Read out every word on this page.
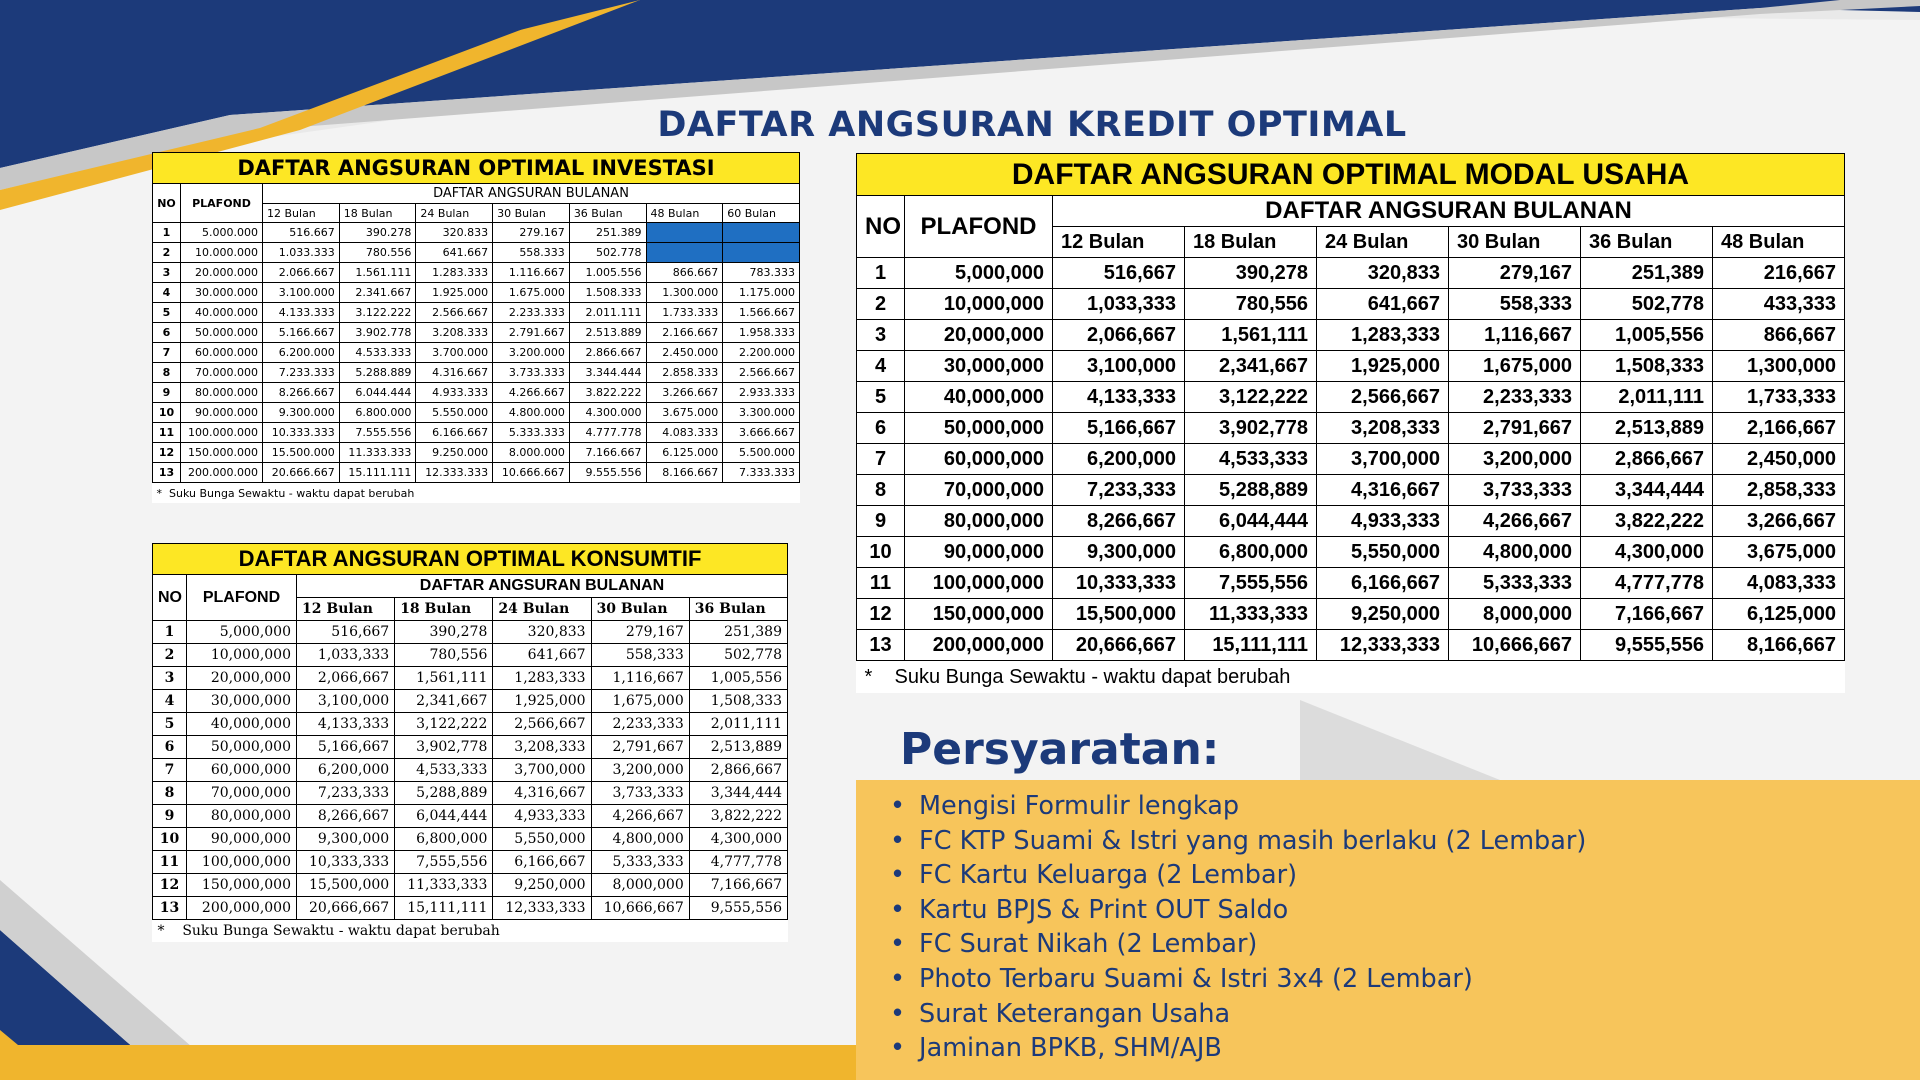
DAFTAR ANGSURAN KREDIT OPTIMAL
DAFTAR ANGSURAN OPTIMAL INVESTASI								
NO	PLAFOND	DAFTAR ANGSURAN BULANAN						
		12 Bulan	18 Bulan	24 Bulan	30 Bulan	36 Bulan	48 Bulan	60 Bulan
1	5.000.000	516.667	390.278	320.833	279.167	251.389		
2	10.000.000	1.033.333	780.556	641.667	558.333	502.778		
3	20.000.000	2.066.667	1.561.111	1.283.333	1.116.667	1.005.556	866.667	783.333
4	30.000.000	3.100.000	2.341.667	1.925.000	1.675.000	1.508.333	1.300.000	1.175.000
5	40.000.000	4.133.333	3.122.222	2.566.667	2.233.333	2.011.111	1.733.333	1.566.667
6	50.000.000	5.166.667	3.902.778	3.208.333	2.791.667	2.513.889	2.166.667	1.958.333
7	60.000.000	6.200.000	4.533.333	3.700.000	3.200.000	2.866.667	2.450.000	2.200.000
8	70.000.000	7.233.333	5.288.889	4.316.667	3.733.333	3.344.444	2.858.333	2.566.667
9	80.000.000	8.266.667	6.044.444	4.933.333	4.266.667	3.822.222	3.266.667	2.933.333
10	90.000.000	9.300.000	6.800.000	5.550.000	4.800.000	4.300.000	3.675.000	3.300.000
11	100.000.000	10.333.333	7.555.556	6.166.667	5.333.333	4.777.778	4.083.333	3.666.667
12	150.000.000	15.500.000	11.333.333	9.250.000	8.000.000	7.166.667	6.125.000	5.500.000
13	200.000.000	20.666.667	15.111.111	12.333.333	10.666.667	9.555.556	8.166.667	7.333.333
* Suku Bunga Sewaktu - waktu dapat berubah								
DAFTAR ANGSURAN OPTIMAL KONSUMTIF						
NO	PLAFOND	DAFTAR ANGSURAN BULANAN				
		12 Bulan	18 Bulan	24 Bulan	30 Bulan	36 Bulan
1	5,000,000	516,667	390,278	320,833	279,167	251,389
2	10,000,000	1,033,333	780,556	641,667	558,333	502,778
3	20,000,000	2,066,667	1,561,111	1,283,333	1,116,667	1,005,556
4	30,000,000	3,100,000	2,341,667	1,925,000	1,675,000	1,508,333
5	40,000,000	4,133,333	3,122,222	2,566,667	2,233,333	2,011,111
6	50,000,000	5,166,667	3,902,778	3,208,333	2,791,667	2,513,889
7	60,000,000	6,200,000	4,533,333	3,700,000	3,200,000	2,866,667
8	70,000,000	7,233,333	5,288,889	4,316,667	3,733,333	3,344,444
9	80,000,000	8,266,667	6,044,444	4,933,333	4,266,667	3,822,222
10	90,000,000	9,300,000	6,800,000	5,550,000	4,800,000	4,300,000
11	100,000,000	10,333,333	7,555,556	6,166,667	5,333,333	4,777,778
12	150,000,000	15,500,000	11,333,333	9,250,000	8,000,000	7,166,667
13	200,000,000	20,666,667	15,111,111	12,333,333	10,666,667	9,555,556
* Suku Bunga Sewaktu - waktu dapat berubah						
DAFTAR ANGSURAN OPTIMAL MODAL USAHA							
NO	PLAFOND	DAFTAR ANGSURAN BULANAN					
		12 Bulan	18 Bulan	24 Bulan	30 Bulan	36 Bulan	48 Bulan
1	5,000,000	516,667	390,278	320,833	279,167	251,389	216,667
2	10,000,000	1,033,333	780,556	641,667	558,333	502,778	433,333
3	20,000,000	2,066,667	1,561,111	1,283,333	1,116,667	1,005,556	866,667
4	30,000,000	3,100,000	2,341,667	1,925,000	1,675,000	1,508,333	1,300,000
5	40,000,000	4,133,333	3,122,222	2,566,667	2,233,333	2,011,111	1,733,333
6	50,000,000	5,166,667	3,902,778	3,208,333	2,791,667	2,513,889	2,166,667
7	60,000,000	6,200,000	4,533,333	3,700,000	3,200,000	2,866,667	2,450,000
8	70,000,000	7,233,333	5,288,889	4,316,667	3,733,333	3,344,444	2,858,333
9	80,000,000	8,266,667	6,044,444	4,933,333	4,266,667	3,822,222	3,266,667
10	90,000,000	9,300,000	6,800,000	5,550,000	4,800,000	4,300,000	3,675,000
11	100,000,000	10,333,333	7,555,556	6,166,667	5,333,333	4,777,778	4,083,333
12	150,000,000	15,500,000	11,333,333	9,250,000	8,000,000	7,166,667	6,125,000
13	200,000,000	20,666,667	15,111,111	12,333,333	10,666,667	9,555,556	8,166,667
* Suku Bunga Sewaktu - waktu dapat berubah							
Persyaratan:
• Mengisi Formulir lengkap
• FC KTP Suami & Istri yang masih berlaku (2 Lembar)
• FC Kartu Keluarga (2 Lembar)
• Kartu BPJS & Print OUT Saldo
• FC Surat Nikah (2 Lembar)
• Photo Terbaru Suami & Istri 3x4 (2 Lembar)
• Surat Keterangan Usaha
• Jaminan BPKB, SHM/AJB
